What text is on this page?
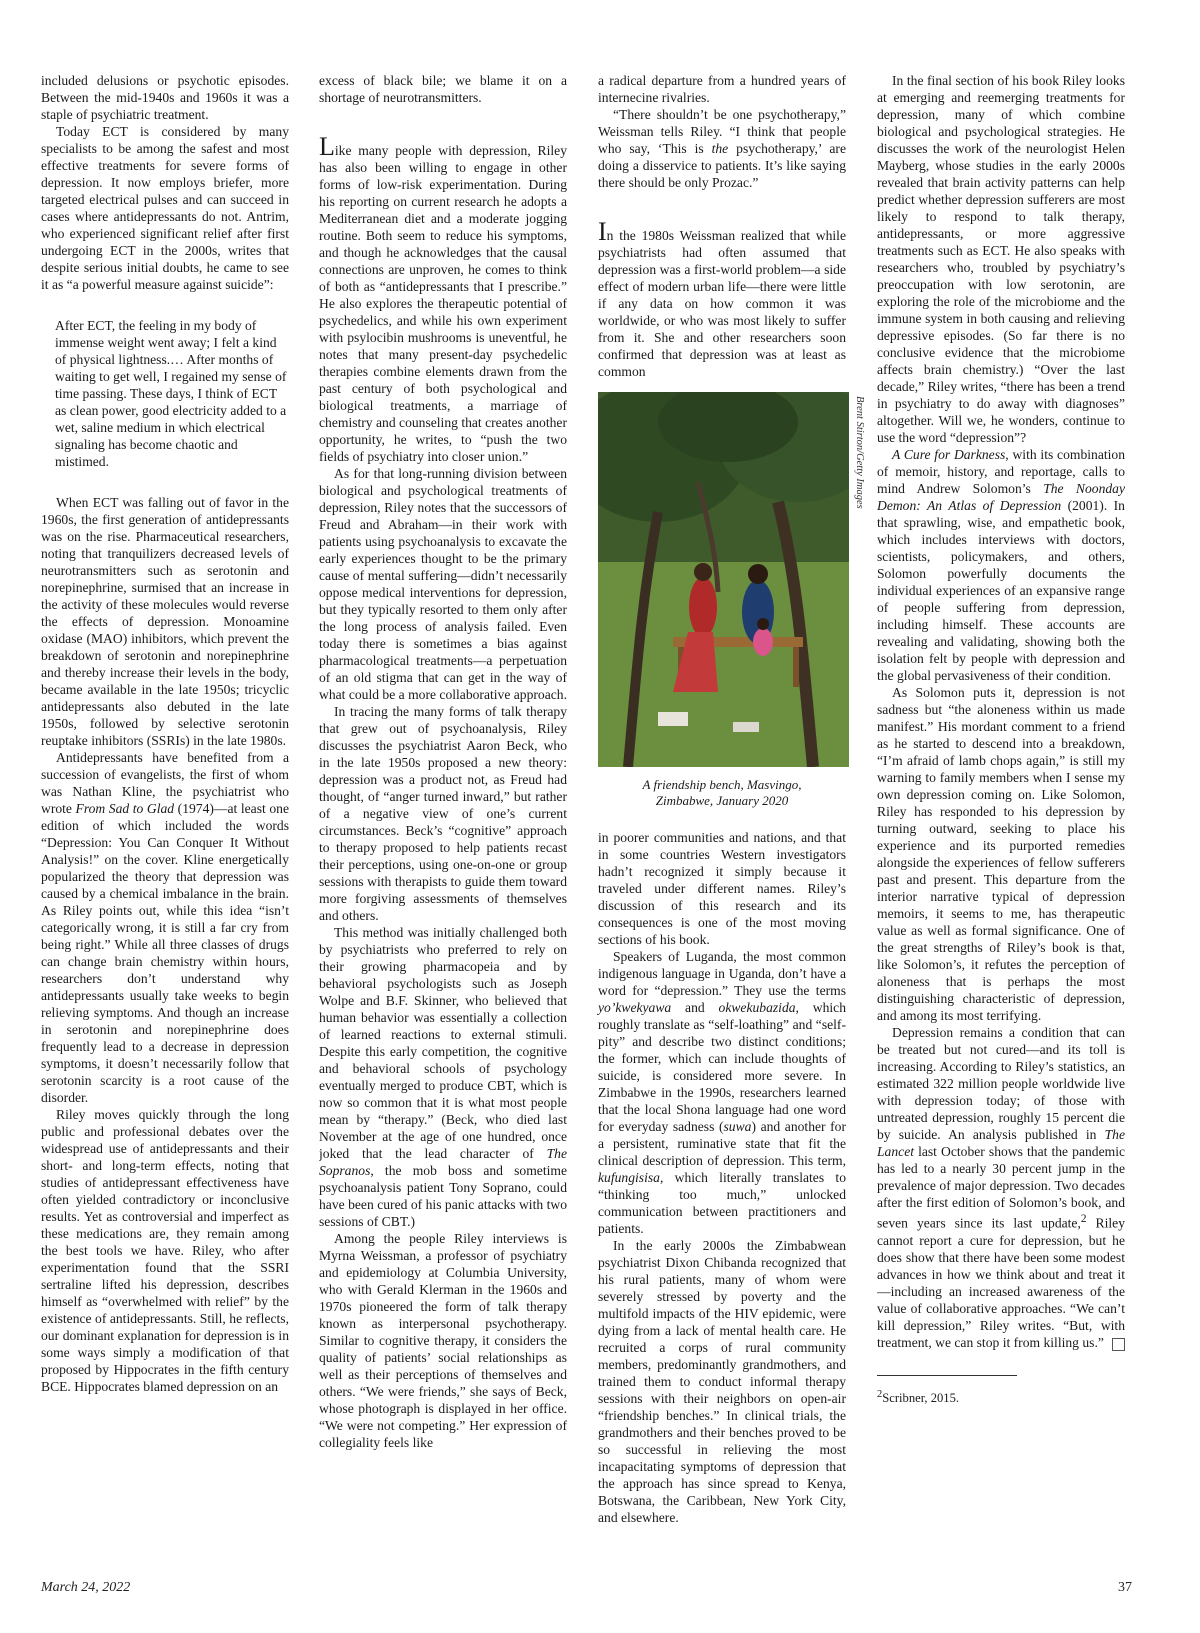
included delusions or psychotic episodes. Between the mid-1940s and 1960s it was a staple of psychiatric treatment.

Today ECT is considered by many specialists to be among the safest and most effective treatments for severe forms of depression. It now employs briefer, more targeted electrical pulses and can succeed in cases where antidepressants do not. Antrim, who experienced significant relief after first undergoing ECT in the 2000s, writes that despite serious initial doubts, he came to see it as “a powerful measure against suicide”:

After ECT, the feeling in my body of immense weight went away; I felt a kind of physical lightness.… After months of waiting to get well, I regained my sense of time passing. These days, I think of ECT as clean power, good electricity added to a wet, saline medium in which electrical signaling has become chaotic and mistimed.

When ECT was falling out of favor in the 1960s, the first generation of antidepressants was on the rise. Pharmaceutical researchers, noting that tranquilizers decreased levels of neurotransmitters such as serotonin and norepinephrine, surmised that an increase in the activity of these molecules would reverse the effects of depression. Monoamine oxidase (MAO) inhibitors, which prevent the breakdown of serotonin and norepinephrine and thereby increase their levels in the body, became available in the late 1950s; tricyclic antidepressants also debuted in the late 1950s, followed by selective serotonin reuptake inhibitors (SSRIs) in the late 1980s.

Antidepressants have benefited from a succession of evangelists, the first of whom was Nathan Kline, the psychiatrist who wrote From Sad to Glad (1974)—at least one edition of which included the words “Depression: You Can Conquer It Without Analysis!” on the cover. Kline energetically popularized the theory that depression was caused by a chemical imbalance in the brain. As Riley points out, while this idea “isn’t categorically wrong, it is still a far cry from being right.” While all three classes of drugs can change brain chemistry within hours, researchers don’t understand why antidepressants usually take weeks to begin relieving symptoms. And though an increase in serotonin and norepinephrine does frequently lead to a decrease in depression symptoms, it doesn’t necessarily follow that serotonin scarcity is a root cause of the disorder.

Riley moves quickly through the long public and professional debates over the widespread use of antidepressants and their short- and long-term effects, noting that studies of antidepressant effectiveness have often yielded contradictory or inconclusive results. Yet as controversial and imperfect as these medications are, they remain among the best tools we have. Riley, who after experimentation found that the SSRI sertraline lifted his depression, describes himself as “overwhelmed with relief” by the existence of antidepressants. Still, he reflects, our dominant explanation for depression is in some ways simply a modification of that proposed by Hippocrates in the fifth century BCE. Hippocrates blamed depression on an

excess of black bile; we blame it on a shortage of neurotransmitters.

Like many people with depression, Riley has also been willing to engage in other forms of low-risk experimentation. During his reporting on current research he adopts a Mediterranean diet and a moderate jogging routine. Both seem to reduce his symptoms, and though he acknowledges that the causal connections are unproven, he comes to think of both as “antidepressants that I prescribe.” He also explores the therapeutic potential of psychedelics, and while his own experiment with psylocibin mushrooms is uneventful, he notes that many present-day psychedelic therapies combine elements drawn from the past century of both psychological and biological treatments, a marriage of chemistry and counseling that creates another opportunity, he writes, to “push the two fields of psychiatry into closer union.”

As for that long-running division between biological and psychological treatments of depression, Riley notes that the successors of Freud and Abraham—in their work with patients using psychoanalysis to excavate the early experiences thought to be the primary cause of mental suffering—didn’t necessarily oppose medical interventions for depression, but they typically resorted to them only after the long process of analysis failed. Even today there is sometimes a bias against pharmacological treatments—a perpetuation of an old stigma that can get in the way of what could be a more collaborative approach.

In tracing the many forms of talk therapy that grew out of psychoanalysis, Riley discusses the psychiatrist Aaron Beck, who in the late 1950s proposed a new theory: depression was a product not, as Freud had thought, of “anger turned inward,” but rather of a negative view of one’s current circumstances. Beck’s “cognitive” approach to therapy proposed to help patients recast their perceptions, using one-on-one or group sessions with therapists to guide them toward more forgiving assessments of themselves and others.

This method was initially challenged both by psychiatrists who preferred to rely on their growing pharmacopeia and by behavioral psychologists such as Joseph Wolpe and B.F. Skinner, who believed that human behavior was essentially a collection of learned reactions to external stimuli. Despite this early competition, the cognitive and behavioral schools of psychology eventually merged to produce CBT, which is now so common that it is what most people mean by “therapy.” (Beck, who died last November at the age of one hundred, once joked that the lead character of The Sopranos, the mob boss and sometime psychoanalysis patient Tony Soprano, could have been cured of his panic attacks with two sessions of CBT.)

Among the people Riley interviews is Myrna Weissman, a professor of psychiatry and epidemiology at Columbia University, who with Gerald Klerman in the 1960s and 1970s pioneered the form of talk therapy known as interpersonal psychotherapy. Similar to cognitive therapy, it considers the quality of patients’ social relationships as well as their perceptions of themselves and others. “We were friends,” she says of Beck, whose photograph is displayed in her office. “We were not competing.” Her expression of collegiality feels like

a radical departure from a hundred years of internecine rivalries.

“There shouldn’t be one psychotherapy,” Weissman tells Riley. “I think that people who say, ‘This is the psychotherapy,’ are doing a disservice to patients. It’s like saying there should be only Prozac.”

In the 1980s Weissman realized that while psychiatrists had often assumed that depression was a first-world problem—a side effect of modern urban life—there were little if any data on how common it was worldwide, or who was most likely to suffer from it. She and other researchers soon confirmed that depression was at least as common

Brent Stirton/Getty Images
A friendship bench, Masvingo,
Zimbabwe, January 2020

in poorer communities and nations, and that in some countries Western investigators hadn’t recognized it simply because it traveled under different names. Riley’s discussion of this research and its consequences is one of the most moving sections of his book.

Speakers of Luganda, the most common indigenous language in Uganda, don’t have a word for “depression.” They use the terms yo’kwekyawa and okwekubazida, which roughly translate as “self-loathing” and “self-pity” and describe two distinct conditions; the former, which can include thoughts of suicide, is considered more severe. In Zimbabwe in the 1990s, researchers learned that the local Shona language had one word for everyday sadness (suwa) and another for a persistent, ruminative state that fit the clinical description of depression. This term, kufungisisa, which literally translates to “thinking too much,” unlocked communication between practitioners and patients.

In the early 2000s the Zimbabwean psychiatrist Dixon Chibanda recognized that his rural patients, many of whom were severely stressed by poverty and the multifold impacts of the HIV epidemic, were dying from a lack of mental health care. He recruited a corps of rural community members, predominantly grandmothers, and trained them to conduct informal therapy sessions with their neighbors on open-air “friendship benches.” In clinical trials, the grandmothers and their benches proved to be so successful in relieving the most incapacitating symptoms of depression that the approach has since spread to Kenya, Botswana, the Caribbean, New York City, and elsewhere.

In the final section of his book Riley looks at emerging and reemerging treatments for depression, many of which combine biological and psychological strategies. He discusses the work of the neurologist Helen Mayberg, whose studies in the early 2000s revealed that brain activity patterns can help predict whether depression sufferers are most likely to respond to talk therapy, antidepressants, or more aggressive treatments such as ECT. He also speaks with researchers who, troubled by psychiatry’s preoccupation with low serotonin, are exploring the role of the microbiome and the immune system in both causing and relieving depressive episodes. (So far there is no conclusive evidence that the microbiome affects brain chemistry.) “Over the last decade,” Riley writes, “there has been a trend in psychiatry to do away with diagnoses” altogether. Will we, he wonders, continue to use the word “depression”?

A Cure for Darkness, with its combination of memoir, history, and reportage, calls to mind Andrew Solomon’s The Noonday Demon: An Atlas of Depression (2001). In that sprawling, wise, and empathetic book, which includes interviews with doctors, scientists, policymakers, and others, Solomon powerfully documents the individual experiences of an expansive range of people suffering from depression, including himself. These accounts are revealing and validating, showing both the isolation felt by people with depression and the global pervasiveness of their condition.

As Solomon puts it, depression is not sadness but “the aloneness within us made manifest.” His mordant comment to a friend as he started to descend into a breakdown, “I’m afraid of lamb chops again,” is still my warning to family members when I sense my own depression coming on. Like Solomon, Riley has responded to his depression by turning outward, seeking to place his experience and its purported remedies alongside the experiences of fellow sufferers past and present. This departure from the interior narrative typical of depression memoirs, it seems to me, has therapeutic value as well as formal significance. One of the great strengths of Riley’s book is that, like Solomon’s, it refutes the perception of aloneness that is perhaps the most distinguishing characteristic of depression, and among its most terrifying.

Depression remains a condition that can be treated but not cured—and its toll is increasing. According to Riley’s statistics, an estimated 322 million people worldwide live with depression today; of those with untreated depression, roughly 15 percent die by suicide. An analysis published in The Lancet last October shows that the pandemic has led to a nearly 30 percent jump in the prevalence of major depression. Two decades after the first edition of Solomon’s book, and seven years since its last update,$^2$ Riley cannot report a cure for depression, but he does show that there have been some modest advances in how we think about and treat it—including an increased awareness of the value of collaborative approaches. “We can’t kill depression,” Riley writes. “But, with treatment, we can stop it from killing us.”

$^2$Scribner, 2015.

March 24, 2022	37
